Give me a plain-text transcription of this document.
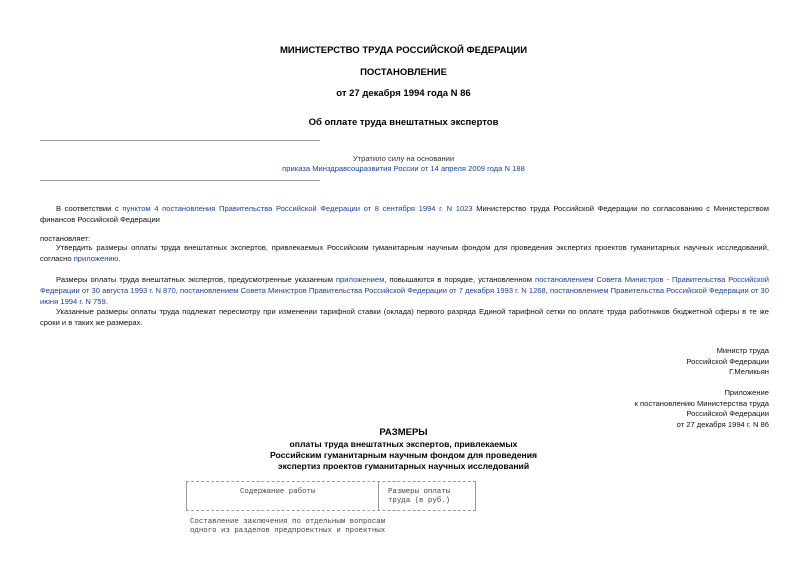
МИНИСТЕРСТВО ТРУДА РОССИЙСКОЙ ФЕДЕРАЦИИ
ПОСТАНОВЛЕНИЕ
от 27 декабря 1994 года N 86
Об оплате труда внештатных экспертов
Утратило силу на основании
приказа Минздравсоцразвития России от 14 апреля 2009 года N 188
В соответствии с пунктом 4 постановления Правительства Российской Федерации от 8 сентября 1994 г. N 1023 Министерство труда Российской Федерации по согласованию с Министерством финансов Российской Федерации
постановляет:
Утвердить размеры оплаты труда внештатных экспертов, привлекаемых Российским гуманитарным научным фондом для проведения экспертиз проектов гуманитарных научных исследований, согласно приложению.
Размеры оплаты труда внештатных экспертов, предусмотренные указанным приложением, повышаются в порядке, установленном постановлением Совета Министров - Правительства Российской Федерации от 30 августа 1993 г. N 870, постановлением Совета Министров Правительства Российской Федерации от 7 декабря 1993 г. N 1268, постановлением Правительства Российской Федерации от 30 июня 1994 г. N 759.
Указанные размеры оплаты труда подлежат пересмотру при изменении тарифной ставки (оклада) первого разряда Единой тарифной сетки по оплате труда работников бюджетной сферы в те же сроки и в таких же размерах.
Министр труда
Российской Федерации
Г.Меликьян
Приложение
к постановлению Министерства труда
Российской Федерации
от 27 декабря 1994 г. N 86
РАЗМЕРЫ
оплаты труда внештатных экспертов, привлекаемых
Российским гуманитарным научным фондом для проведения
экспертиз проектов гуманитарных научных исследований
Содержание работы	Размеры оплаты
труда (в руб.)
Составление заключения по отдельным вопросам
одного из разделов предпроектных и проектных
